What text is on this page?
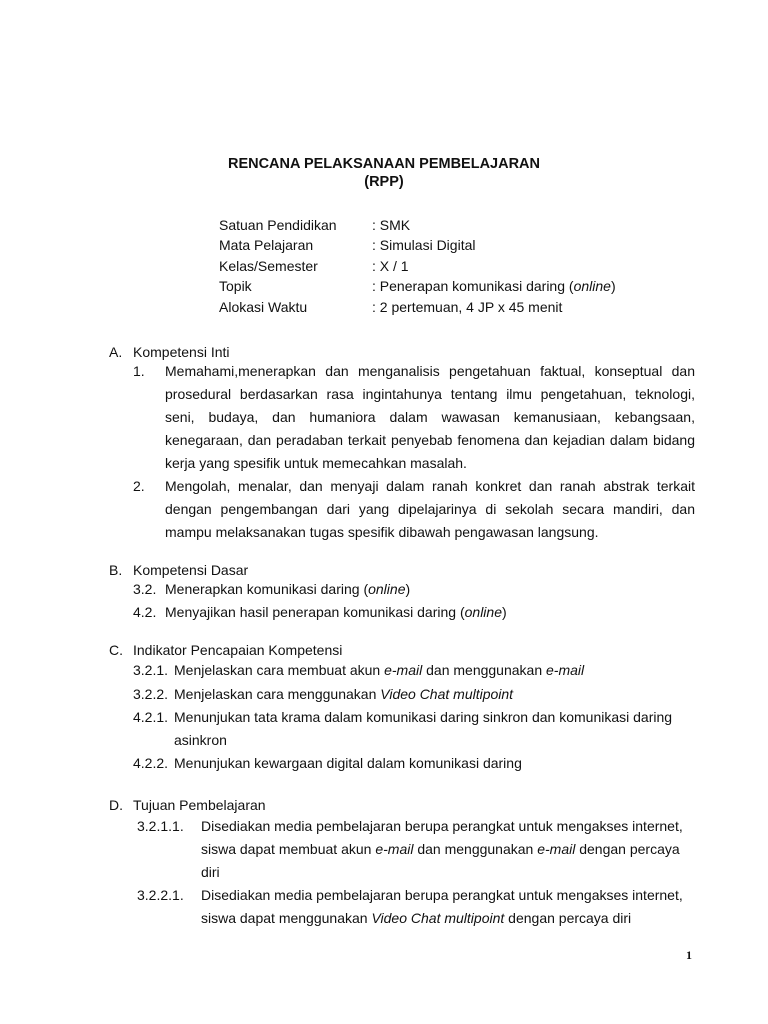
RENCANA PELAKSANAAN PEMBELAJARAN
(RPP)
Satuan Pendidikan	: SMK
Mata Pelajaran	: Simulasi Digital
Kelas/Semester	: X / 1
Topik	: Penerapan komunikasi daring (online)
Alokasi Waktu	: 2 pertemuan, 4 JP x 45 menit
A. Kompetensi Inti
1. Memahami,menerapkan dan menganalisis pengetahuan faktual, konseptual dan
prosedural berdasarkan rasa ingintahunya tentang ilmu pengetahuan, teknologi,
seni, budaya, dan humaniora dalam wawasan kemanusiaan, kebangsaan,
kenegaraan, dan peradaban terkait penyebab fenomena dan kejadian dalam bidang
kerja yang spesifik untuk memecahkan masalah.
2. Mengolah, menalar, dan menyaji dalam ranah konkret dan ranah abstrak terkait
dengan pengembangan dari yang dipelajarinya di sekolah secara mandiri, dan
mampu melaksanakan tugas spesifik dibawah pengawasan langsung.
B. Kompetensi Dasar
3.2. Menerapkan komunikasi daring (online)
4.2. Menyajikan hasil penerapan komunikasi daring (online)
C. Indikator Pencapaian Kompetensi
3.2.1. Menjelaskan cara membuat akun e-mail dan menggunakan e-mail
3.2.2. Menjelaskan cara menggunakan Video Chat multipoint
4.2.1. Menunjukan tata krama dalam komunikasi daring sinkron dan komunikasi daring
asinkron
4.2.2. Menunjukan kewargaan digital dalam komunikasi daring
D. Tujuan Pembelajaran
3.2.1.1. Disediakan media pembelajaran berupa perangkat untuk mengakses internet,
siswa dapat membuat akun e-mail dan menggunakan e-mail dengan percaya
diri
3.2.2.1. Disediakan media pembelajaran berupa perangkat untuk mengakses internet,
siswa dapat menggunakan Video Chat multipoint dengan percaya diri
1
